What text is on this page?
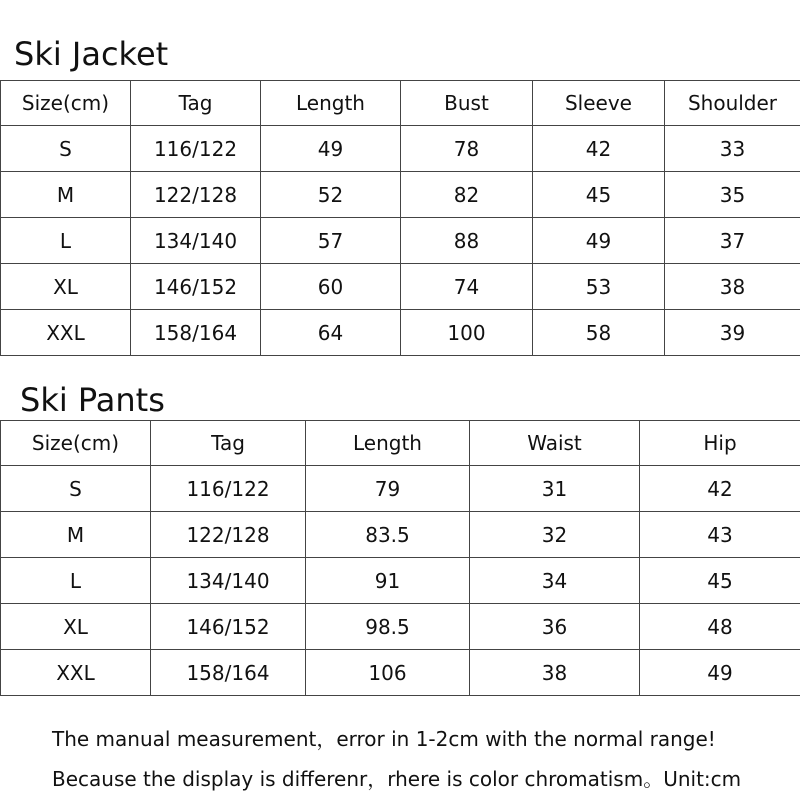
Ski Jacket
Size(cm)	Tag	Length	Bust	Sleeve	Shoulder
S	116/122	49	78	42	33
M	122/128	52	82	45	35
L	134/140	57	88	49	37
XL	146/152	60	74	53	38
XXL	158/164	64	100	58	39
Ski Pants
Size(cm)	Tag	Length	Waist	Hip
S	116/122	79	31	42
M	122/128	83.5	32	43
L	134/140	91	34	45
XL	146/152	98.5	36	48
XXL	158/164	106	38	49
The manual measurement，error in 1-2cm with the normal range!
Because the display is differenr，rhere is color chromatism。Unit:cm
